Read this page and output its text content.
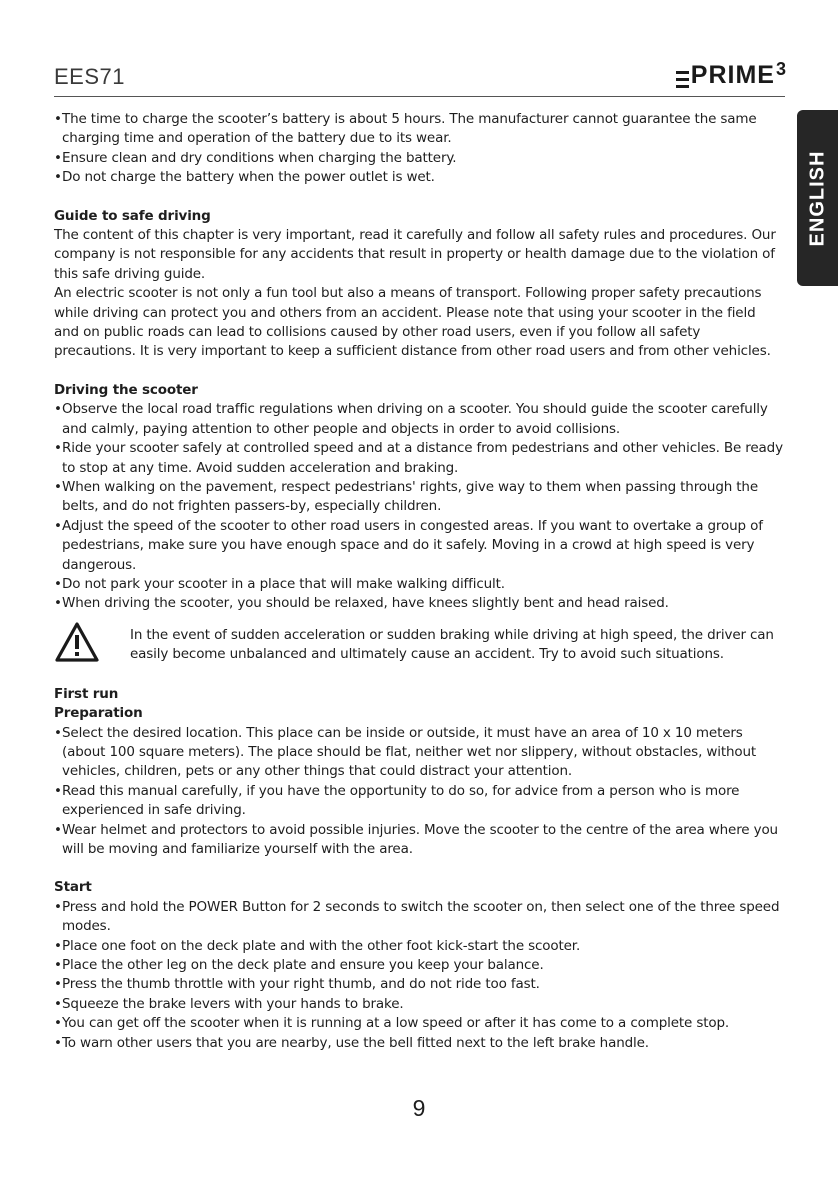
EES71	PRIME 3
ENGLISH

• The time to charge the scooter’s battery is about 5 hours. The manufacturer cannot guarantee the same charging time and operation of the battery due to its wear.

• Ensure clean and dry conditions when charging the battery.

• Do not charge the battery when the power outlet is wet.

Guide to safe driving

The content of this chapter is very important, read it carefully and follow all safety rules and procedures. Our company is not responsible for any accidents that result in property or health damage due to the violation of this safe driving guide.

An electric scooter is not only a fun tool but also a means of transport. Following proper safety precautions while driving can protect you and others from an accident. Please note that using your scooter in the field and on public roads can lead to collisions caused by other road users, even if you follow all safety precautions. It is very important to keep a sufficient distance from other road users and from other vehicles.

Driving the scooter

• Observe the local road traffic regulations when driving on a scooter. You should guide the scooter carefully and calmly, paying attention to other people and objects in order to avoid collisions.

• Ride your scooter safely at controlled speed and at a distance from pedestrians and other vehicles. Be ready to stop at any time. Avoid sudden acceleration and braking.

• When walking on the pavement, respect pedestrians' rights, give way to them when passing through the belts, and do not frighten passers-by, especially children.

• Adjust the speed of the scooter to other road users in congested areas. If you want to overtake a group of pedestrians, make sure you have enough space and do it safely. Moving in a crowd at high speed is very dangerous.

• Do not park your scooter in a place that will make walking difficult.

• When driving the scooter, you should be relaxed, have knees slightly bent and head raised.

In the event of sudden acceleration or sudden braking while driving at high speed, the driver can easily become unbalanced and ultimately cause an accident. Try to avoid such situations.

First run

Preparation

• Select the desired location. This place can be inside or outside, it must have an area of 10 x 10 meters (about 100 square meters). The place should be flat, neither wet nor slippery, without obstacles, without vehicles, children, pets or any other things that could distract your attention.

• Read this manual carefully, if you have the opportunity to do so, for advice from a person who is more experienced in safe driving.

• Wear helmet and protectors to avoid possible injuries. Move the scooter to the centre of the area where you will be moving and familiarize yourself with the area.

Start

• Press and hold the POWER Button for 2 seconds to switch the scooter on, then select one of the three speed modes.

• Place one foot on the deck plate and with the other foot kick-start the scooter.

• Place the other leg on the deck plate and ensure you keep your balance.

• Press the thumb throttle with your right thumb, and do not ride too fast.

• Squeeze the brake levers with your hands to brake.

• You can get off the scooter when it is running at a low speed or after it has come to a complete stop.

• To warn other users that you are nearby, use the bell fitted next to the left brake handle.

9
